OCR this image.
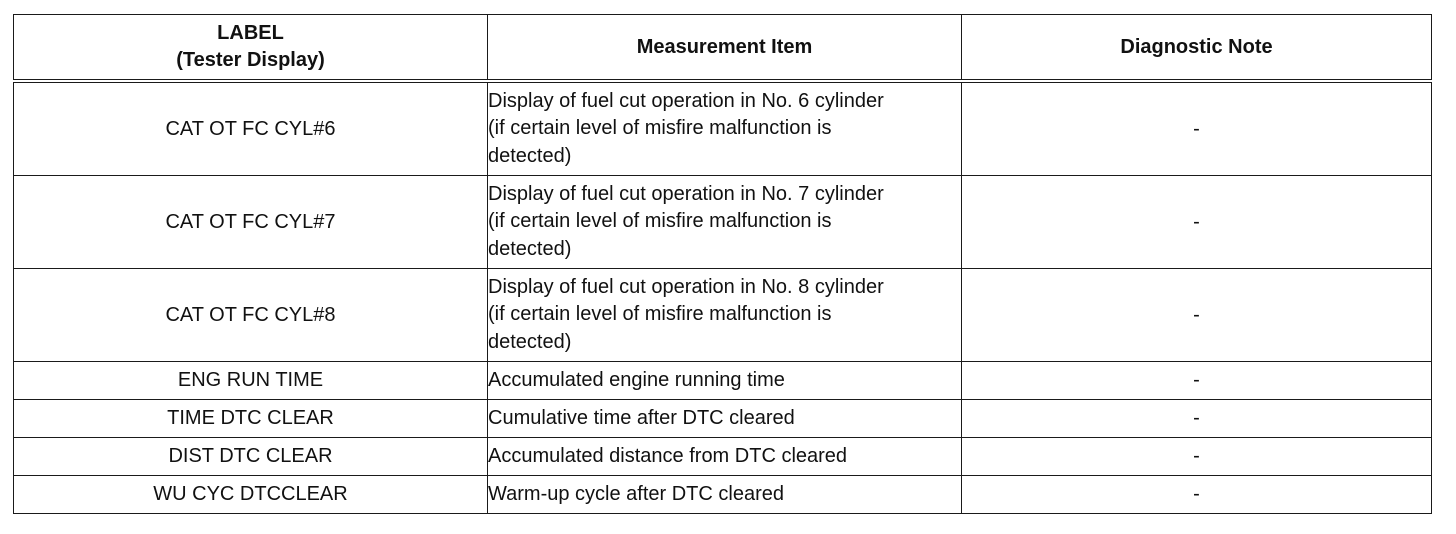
LABEL
(Tester Display)	Measurement Item	Diagnostic Note
CAT OT FC CYL#6	Display of fuel cut operation in No. 6 cylinder
(if certain level of misfire malfunction is
detected)	-
CAT OT FC CYL#7	Display of fuel cut operation in No. 7 cylinder
(if certain level of misfire malfunction is
detected)	-
CAT OT FC CYL#8	Display of fuel cut operation in No. 8 cylinder
(if certain level of misfire malfunction is
detected)	-
ENG RUN TIME	Accumulated engine running time	-
TIME DTC CLEAR	Cumulative time after DTC cleared	-
DIST DTC CLEAR	Accumulated distance from DTC cleared	-
WU CYC DTCCLEAR	Warm-up cycle after DTC cleared	-
